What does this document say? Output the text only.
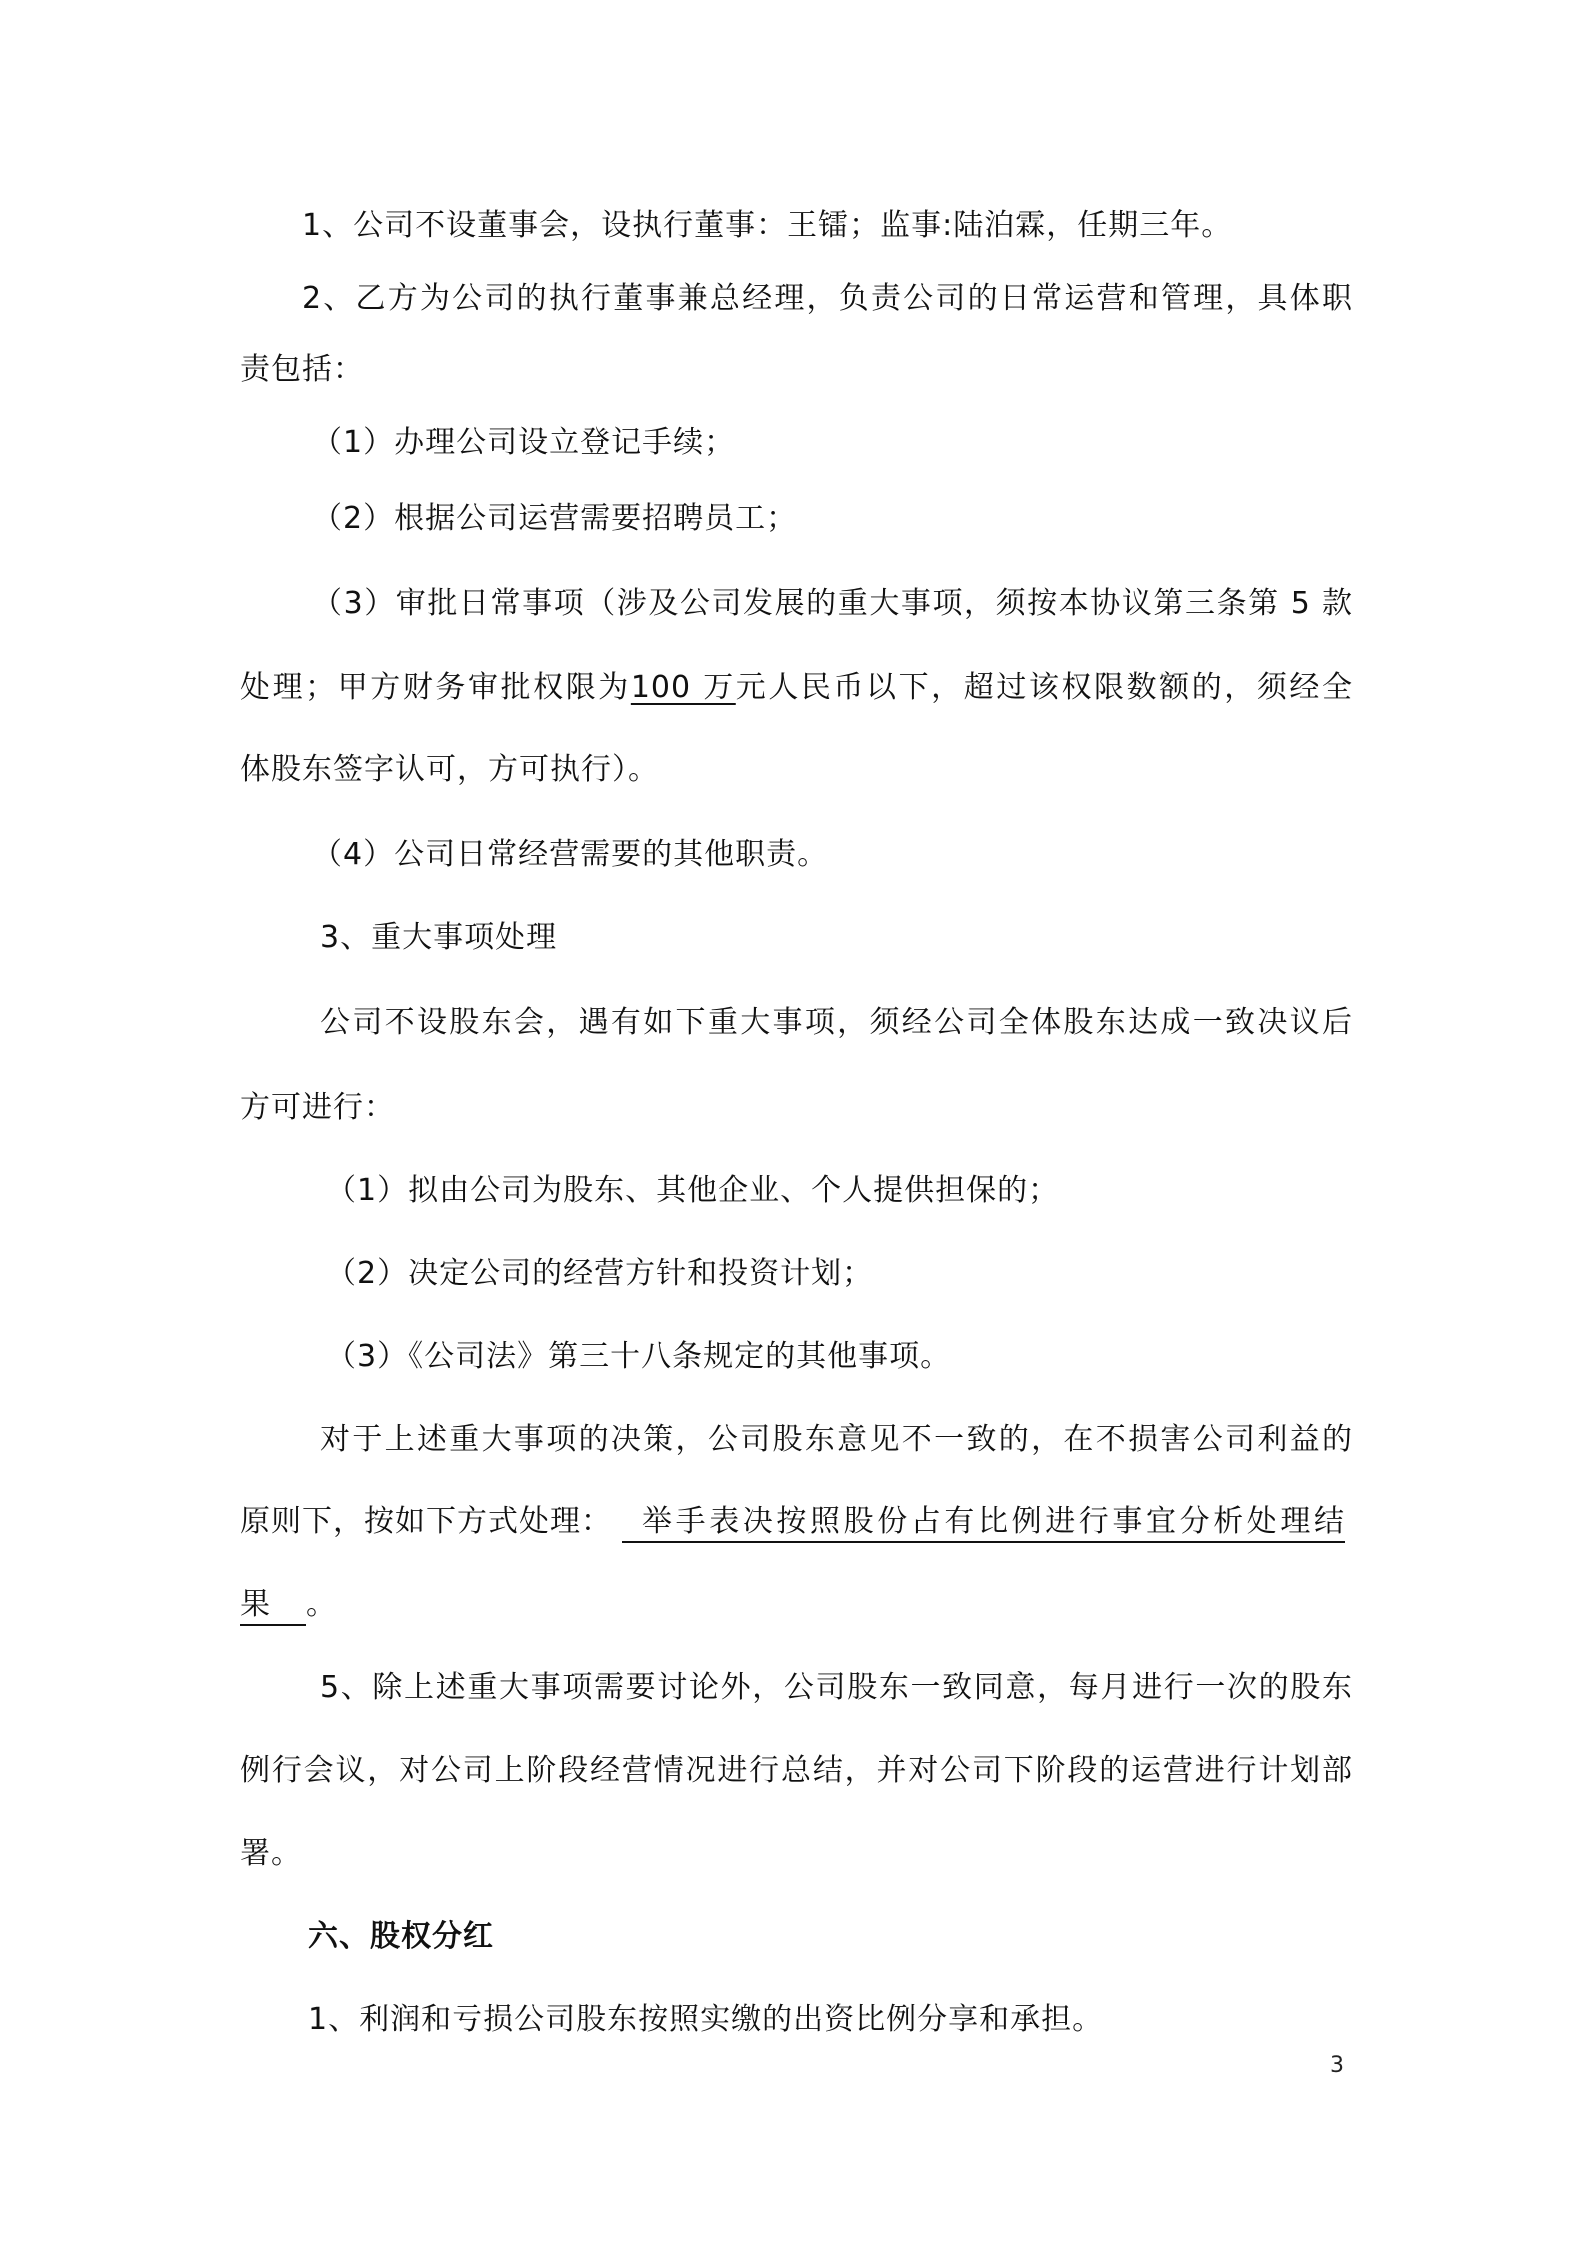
1、公司不设董事会，设执行董事：王镭；监事:陆泊霖，任期三年。
2、乙方为公司的执行董事兼总经理，负责公司的日常运营和管理，具体职
责包括：
（1）办理公司设立登记手续；
（2）根据公司运营需要招聘员工；
（3）审批日常事项（涉及公司发展的重大事项，须按本协议第三条第 5 款
处理；甲方财务审批权限为100 万元人民币以下，超过该权限数额的，须经全
体股东签字认可，方可执行）。
（4）公司日常经营需要的其他职责。
3、重大事项处理
公司不设股东会，遇有如下重大事项，须经公司全体股东达成一致决议后
方可进行：
（1）拟由公司为股东、其他企业、个人提供担保的；
（2）决定公司的经营方针和投资计划；
（3）《公司法》第三十八条规定的其他事项。
对于上述重大事项的决策，公司股东意见不一致的，在不损害公司利益的
原则下，按如下方式处理： 举手表决按照股份占有比例进行事宜分析处理结
果 。
5、除上述重大事项需要讨论外，公司股东一致同意，每月进行一次的股东
例行会议，对公司上阶段经营情况进行总结，并对公司下阶段的运营进行计划部
署。
六、股权分红
1、利润和亏损公司股东按照实缴的出资比例分享和承担。
3
